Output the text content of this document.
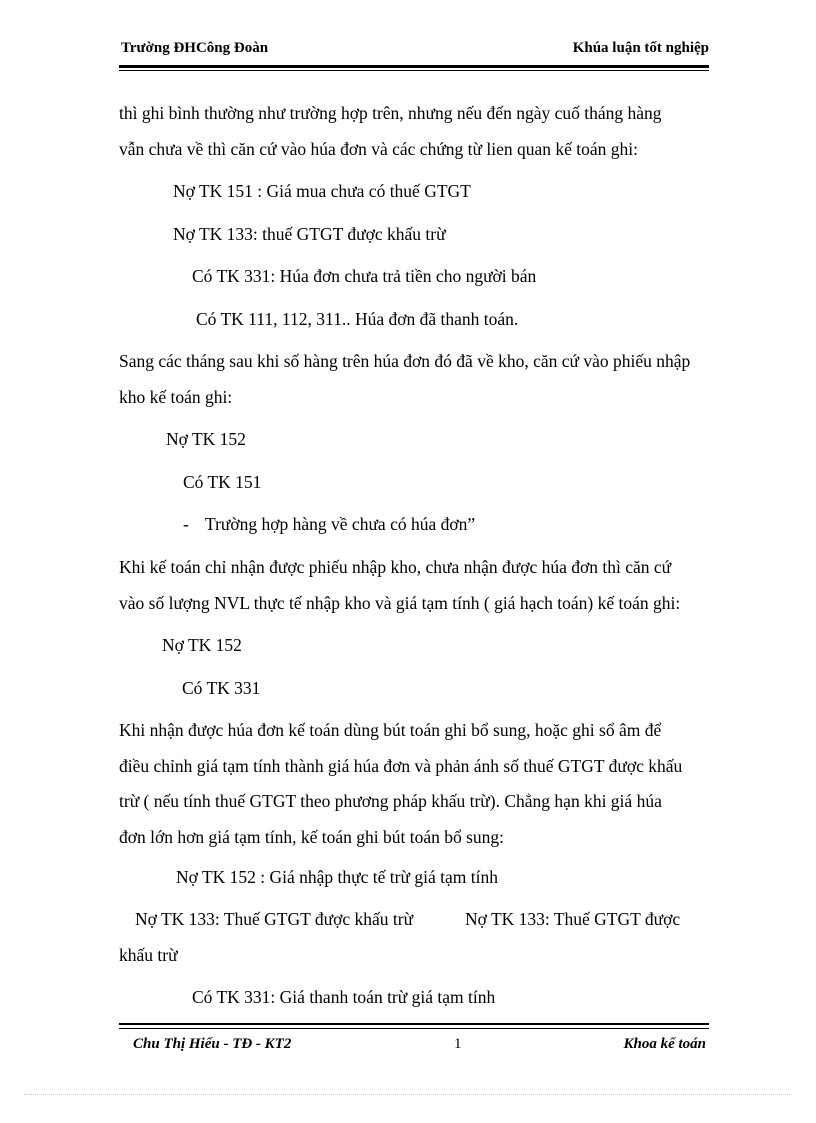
Trường ĐHCông Đoàn	Khúa luận tốt nghiệp
thì ghi bình thường như trường hợp trên, nhưng nếu đến ngày cuố tháng hàng
vẫn chưa về thì căn cứ vào húa đơn và các chứng từ lien quan kế toán ghi:
Nợ TK 151 : Giá mua chưa có thuế GTGT
Nợ TK 133: thuế GTGT được khấu trừ
Có TK 331: Húa đơn chưa trả tiền cho người bán
Có TK 111, 112, 311.. Húa đơn đã thanh toán.
Sang các tháng sau khi số hàng trên húa đơn đó đã về kho, căn cứ vào phiếu nhập
kho kế toán ghi:
Nợ TK 152
Có TK 151
- Trường hợp hàng về chưa có húa đơn”
Khi kế toán chỉ nhận được phiếu nhập kho, chưa nhận được húa đơn thì căn cứ
vào số lượng NVL thực tế nhập kho và giá tạm tính ( giá hạch toán) kế toán ghi:
Nợ TK 152
Có TK 331
Khi nhận được húa đơn kế toán dùng bút toán ghi bổ sung, hoặc ghi sổ âm để
điều chỉnh giá tạm tính thành giá húa đơn và phản ánh số thuế GTGT được khấu
trừ ( nếu tính thuế GTGT theo phương pháp khấu trừ). Chẳng hạn khi giá húa
đơn lớn hơn giá tạm tính, kế toán ghi bút toán bổ sung:
Nợ TK 152 : Giá nhập thực tế trừ giá tạm tính
Nợ TK 133: Thuế GTGT được khấu trừ	Nợ TK 133: Thuế GTGT được
khấu trừ
Có TK 331: Giá thanh toán trừ giá tạm tính
Chu Thị Hiếu - TĐ - KT2	1	Khoa kế toán
